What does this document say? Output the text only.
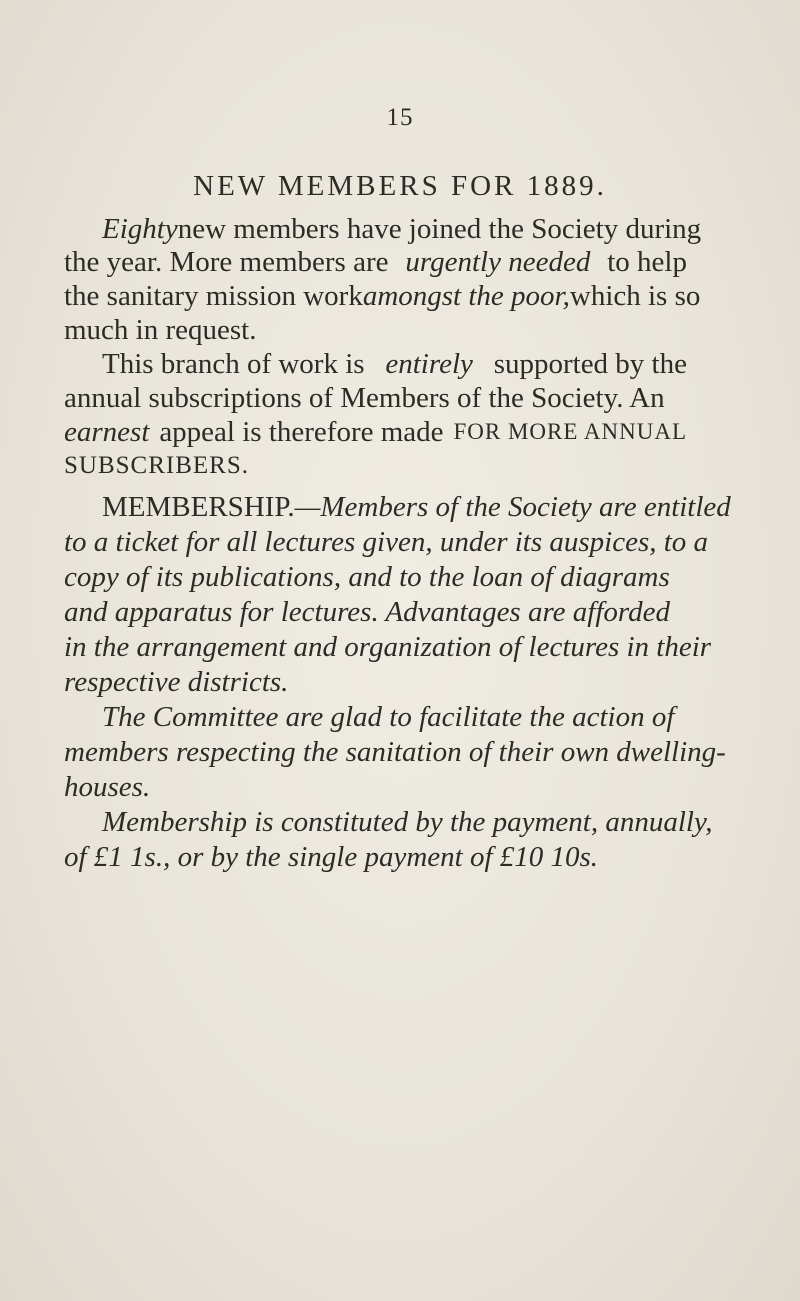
15
NEW MEMBERS FOR 1889.
Eighty new members have joined the Society during
the year. More members are urgently needed to help
the sanitary mission work amongst the poor, which is so
much in request.
This branch of work is entirely supported by the
annual subscriptions of Members of the Society. An
earnest appeal is therefore made FOR MORE ANNUAL
SUBSCRIBERS.
MEMBERSHIP.—Members of the Society are entitled
to a ticket for all lectures given, under its auspices, to a
copy of its publications, and to the loan of diagrams
and apparatus for lectures. Advantages are afforded
in the arrangement and organization of lectures in their
respective districts.
The Committee are glad to facilitate the action of
members respecting the sanitation of their own dwelling-
houses.
Membership is constituted by the payment, annually,
of £1 1s., or by the single payment of £10 10s.
